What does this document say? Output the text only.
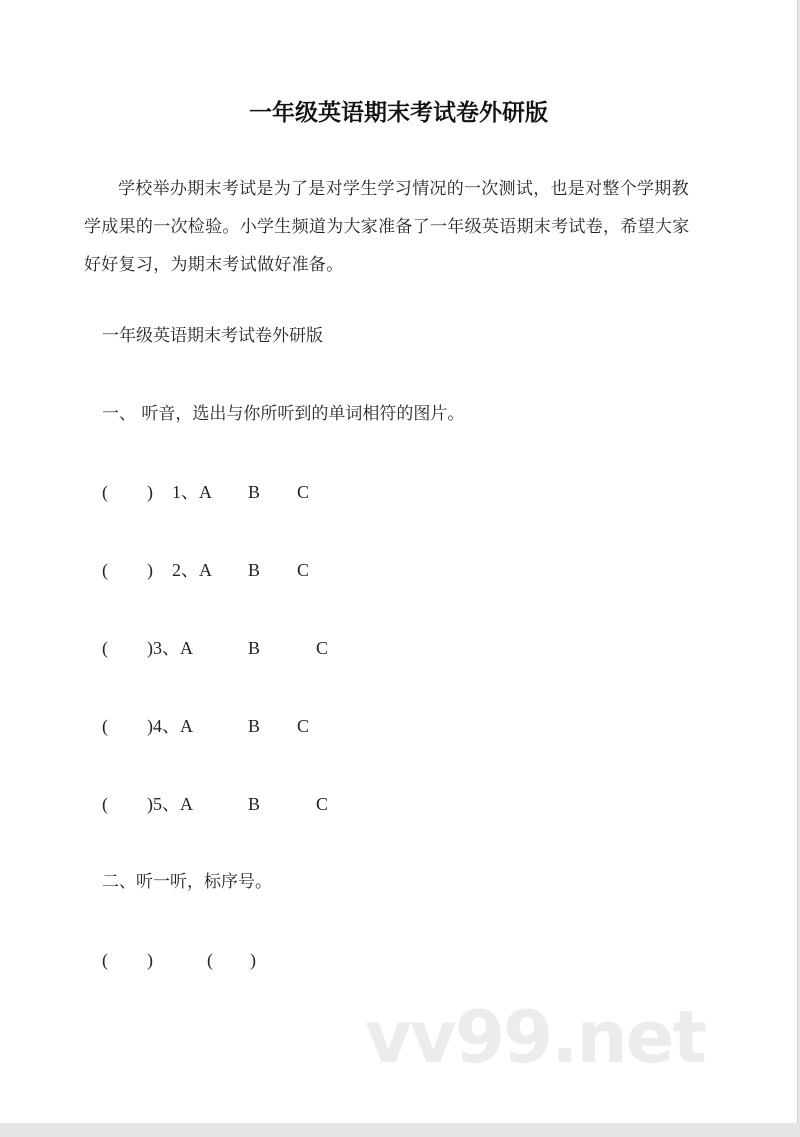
一年级英语期末考试卷外研版
学校举办期末考试是为了是对学生学习情况的一次测试，也是对整个学期教学成果的一次检验。小学生频道为大家准备了一年级英语期末考试卷，希望大家好好复习，为期末考试做好准备。
一年级英语期末考试卷外研版
一、 听音，选出与你所听到的单词相符的图片。
( ) 1、A B C
( ) 2、A B C
( )3、A	B	C
( )4、A	B C
( )5、A	B	C
二、听一听，标序号。
( )	( )
vv99.net
